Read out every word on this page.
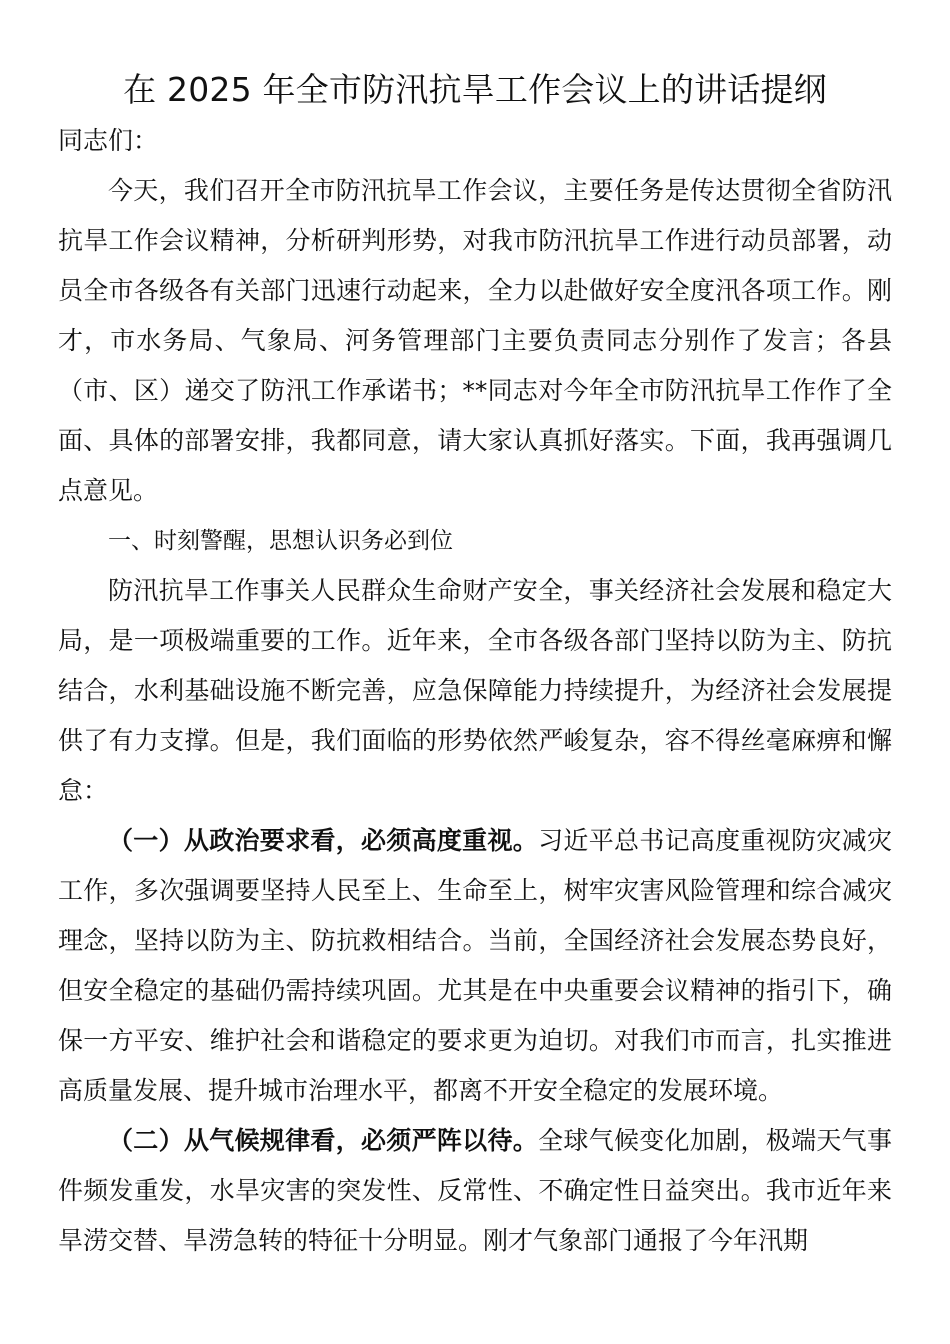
在 2025 年全市防汛抗旱工作会议上的讲话提纲

同志们：

今天，我们召开全市防汛抗旱工作会议，主要任务是传达贯彻全省防汛抗旱工作会议精神，分析研判形势，对我市防汛抗旱工作进行动员部署，动员全市各级各有关部门迅速行动起来，全力以赴做好安全度汛各项工作。刚才，市水务局、气象局、河务管理部门主要负责同志分别作了发言；各县（市、区）递交了防汛工作承诺书；**同志对今年全市防汛抗旱工作作了全面、具体的部署安排，我都同意，请大家认真抓好落实。下面，我再强调几点意见。

一、时刻警醒，思想认识务必到位

防汛抗旱工作事关人民群众生命财产安全，事关经济社会发展和稳定大局，是一项极端重要的工作。近年来，全市各级各部门坚持以防为主、防抗结合，水利基础设施不断完善，应急保障能力持续提升，为经济社会发展提供了有力支撑。但是，我们面临的形势依然严峻复杂，容不得丝毫麻痹和懈怠：

（一）从政治要求看，必须高度重视。习近平总书记高度重视防灾减灾工作，多次强调要坚持人民至上、生命至上，树牢灾害风险管理和综合减灾理念，坚持以防为主、防抗救相结合。当前，全国经济社会发展态势良好，但安全稳定的基础仍需持续巩固。尤其是在中央重要会议精神的指引下，确保一方平安、维护社会和谐稳定的要求更为迫切。对我们市而言，扎实推进高质量发展、提升城市治理水平，都离不开安全稳定的发展环境。

（二）从气候规律看，必须严阵以待。全球气候变化加剧，极端天气事件频发重发，水旱灾害的突发性、反常性、不确定性日益突出。我市近年来旱涝交替、旱涝急转的特征十分明显。刚才气象部门通报了今年汛期
